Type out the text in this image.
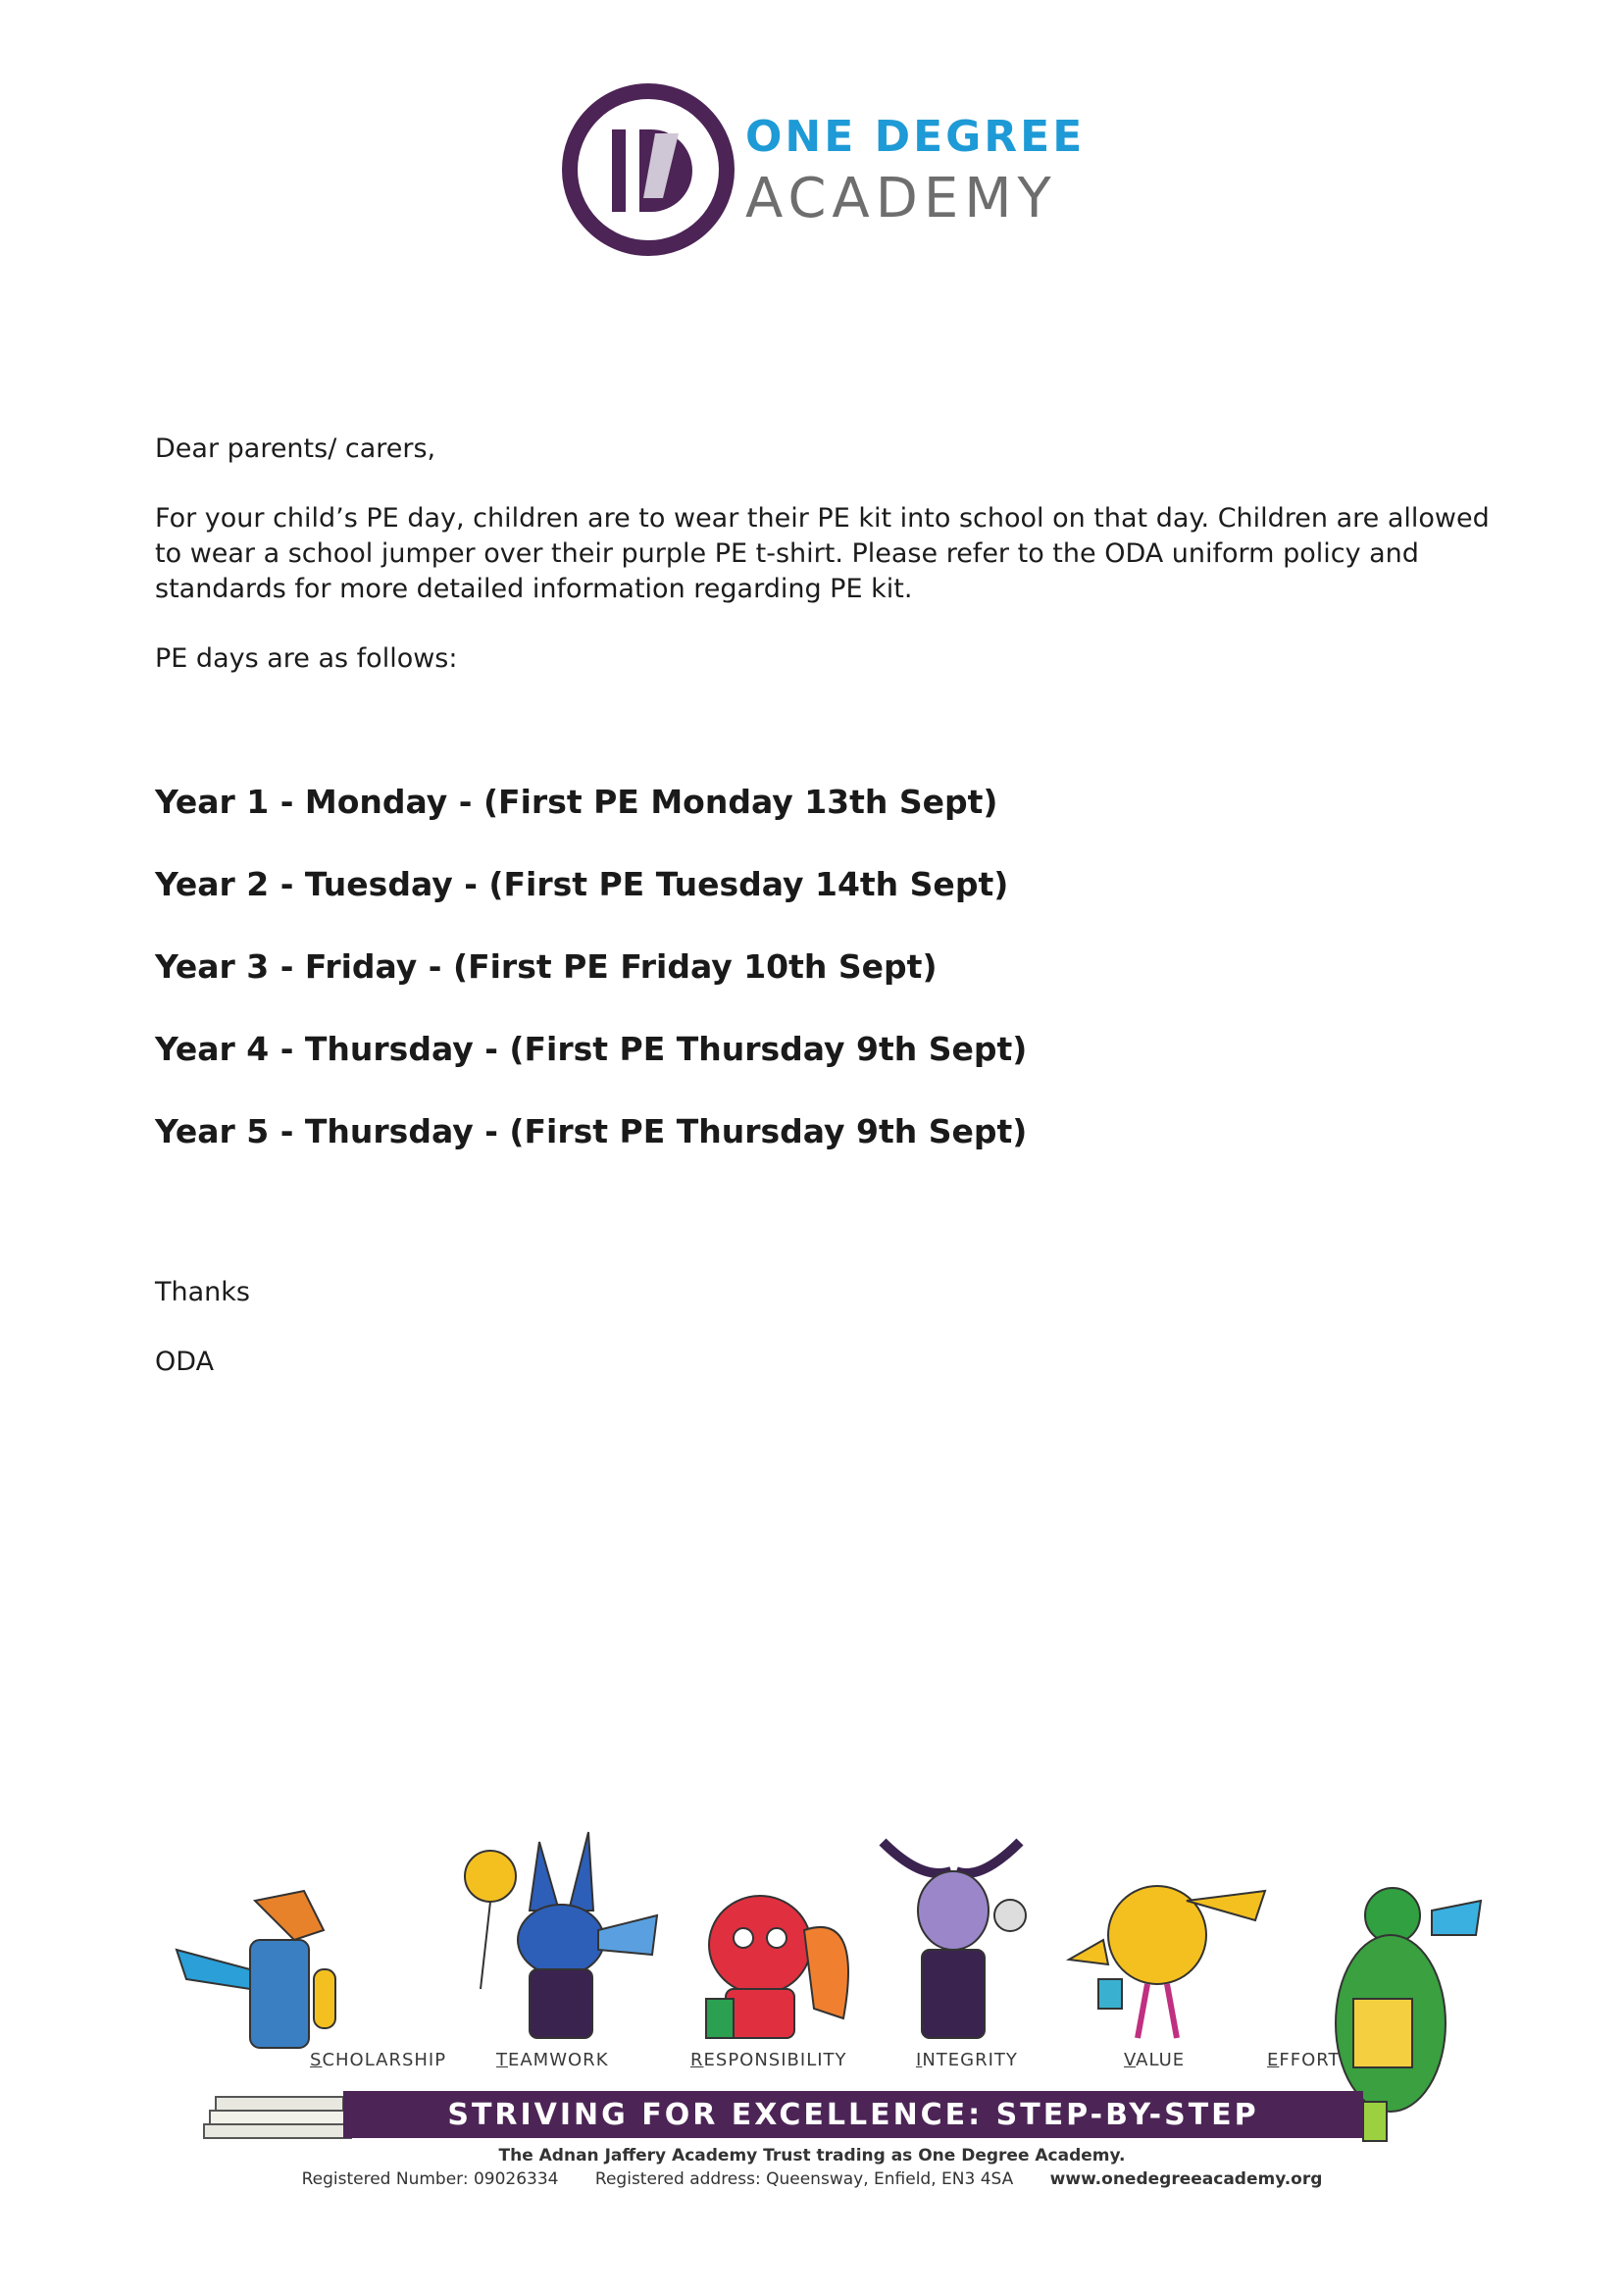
ONE DEGREE
ACADEMY

Dear parents/ carers,

For your child’s PE day, children are to wear their PE kit into school on that day. Children are allowed to wear a school jumper over their purple PE t-shirt. Please refer to the ODA uniform policy and standards for more detailed information regarding PE kit.

PE days are as follows:

Year 1 - Monday - (First PE Monday 13th Sept)
Year 2 - Tuesday - (First PE Tuesday 14th Sept)
Year 3 - Friday - (First PE Friday 10th Sept)
Year 4 - Thursday - (First PE Thursday 9th Sept)
Year 5 - Thursday - (First PE Thursday 9th Sept)

Thanks

ODA

SCHOLARSHIP	TEAMWORK	RESPONSIBILITY	INTEGRITY	VALUE	EFFORT
STRIVING FOR EXCELLENCE: STEP-BY-STEP
The Adnan Jaffery Academy Trust trading as One Degree Academy.
Registered Number: 09026334 Registered address: Queensway, Enfield, EN3 4SA www.onedegreeacademy.org
